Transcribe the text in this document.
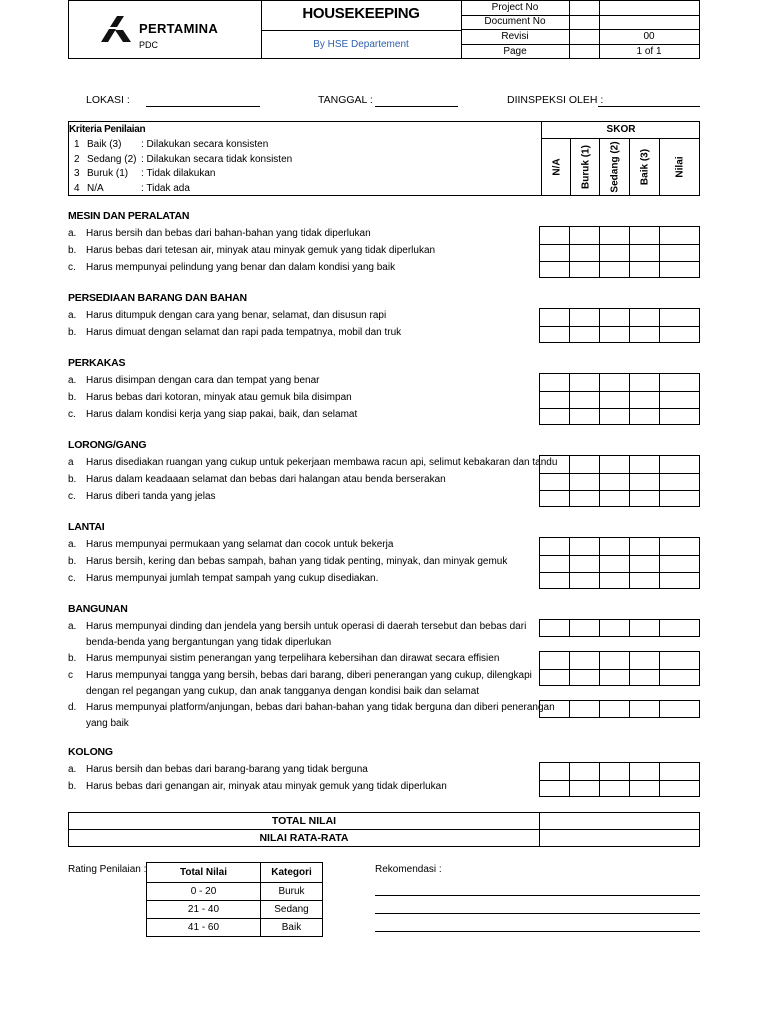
PERTAMINA
PDC
HOUSEKEEPING
By HSE Departement
Project No
Document No
Revisi	00
Page	1 of 1
LOKASI :	TANGGAL :	DIINSPEKSI OLEH :
Kriteria Penilaian
1 Baik (3) : Dilakukan secara konsisten
2 Sedang (2) : Dilakukan secara tidak konsisten
3 Buruk (1) : Tidak dilakukan
4 N/A	: Tidak ada
SKOR
N/A Buruk (1) Sedang (2) Baik (3) Nilai
MESIN DAN PERALATAN
a. Harus bersih dan bebas dari bahan-bahan yang tidak diperlukan
b. Harus bebas dari tetesan air, minyak atau minyak gemuk yang tidak diperlukan
c. Harus mempunyai pelindung yang benar dan dalam kondisi yang baik
PERSEDIAAN BARANG DAN BAHAN
a. Harus ditumpuk dengan cara yang benar, selamat, dan disusun rapi
b. Harus dimuat dengan selamat dan rapi pada tempatnya, mobil dan truk
PERKAKAS
a. Harus disimpan dengan cara dan tempat yang benar
b. Harus bebas dari kotoran, minyak atau gemuk bila disimpan
c. Harus dalam kondisi kerja yang siap pakai, baik, dan selamat
LORONG/GANG
a Harus disediakan ruangan yang cukup untuk pekerjaan membawa racun api, selimut kebakaran dan tandu
b. Harus dalam keadaaan selamat dan bebas dari halangan atau benda berserakan
c. Harus diberi tanda yang jelas
LANTAI
a. Harus mempunyai permukaan yang selamat dan cocok untuk bekerja
b. Harus bersih, kering dan bebas sampah, bahan yang tidak penting, minyak, dan minyak gemuk
c. Harus mempunyai jumlah tempat sampah yang cukup disediakan.
BANGUNAN
a. Harus mempunyai dinding dan jendela yang bersih untuk operasi di daerah tersebut dan bebas dari
benda-benda yang bergantungan yang tidak diperlukan
b. Harus mempunyai sistim penerangan yang terpelihara kebersihan dan dirawat secara effisien
c Harus mempunyai tangga yang bersih, bebas dari barang, diberi penerangan yang cukup, dilengkapi
dengan rel pegangan yang cukup, dan anak tangganya dengan kondisi baik dan selamat
d. Harus mempunyai platform/anjungan, bebas dari bahan-bahan yang tidak berguna dan diberi penerangan
yang baik
KOLONG
a. Harus bersih dan bebas dari barang-barang yang tidak berguna
b. Harus bebas dari genangan air, minyak atau minyak gemuk yang tidak diperlukan
TOTAL NILAI
NILAI RATA-RATA
Rating Penilaian :	Total Nilai	Kategori
0 - 20	Buruk
21 - 40	Sedang
41 - 60	Baik
Rekomendasi :
